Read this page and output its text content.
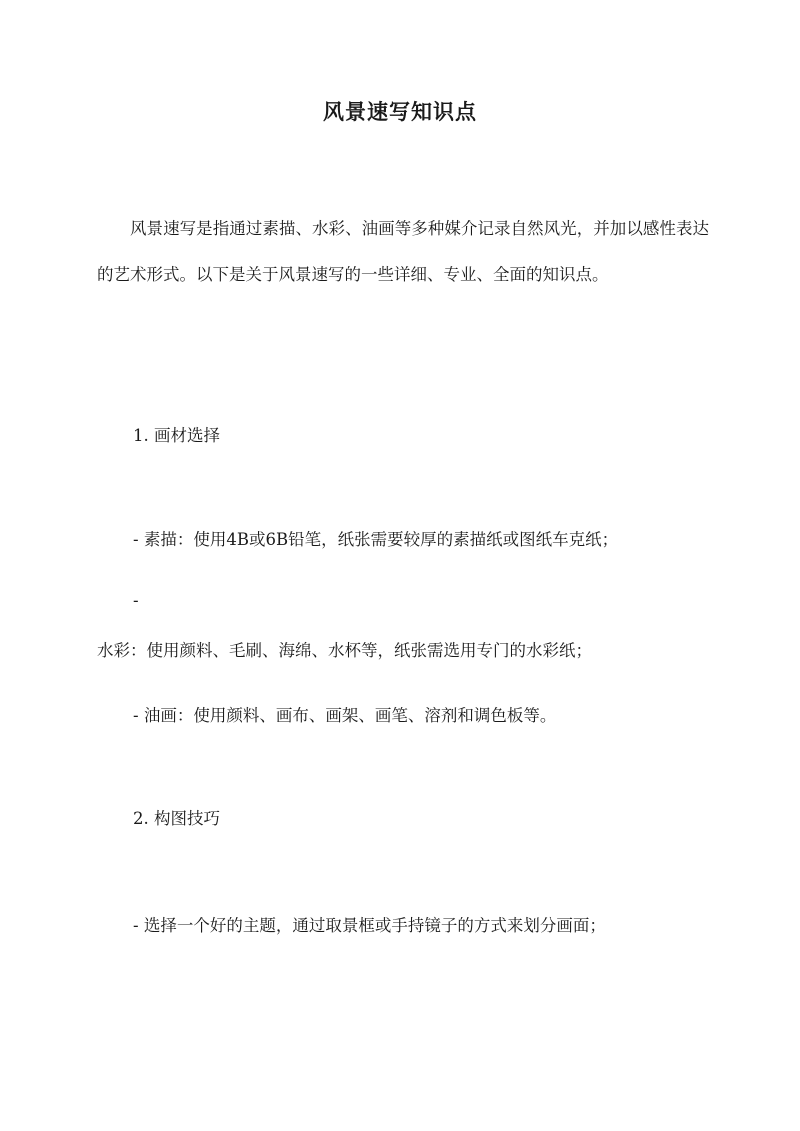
风景速写知识点
风景速写是指通过素描、水彩、油画等多种媒介记录自然风光，并加以感性表达的艺术形式。以下是关于风景速写的一些详细、专业、全面的知识点。
1. 画材选择
- 素描：使用4B或6B铅笔，纸张需要较厚的素描纸或图纸车克纸；
-
水彩：使用颜料、毛刷、海绵、水杯等，纸张需选用专门的水彩纸；
- 油画：使用颜料、画布、画架、画笔、溶剂和调色板等。
2. 构图技巧
- 选择一个好的主题，通过取景框或手持镜子的方式来划分画面；
